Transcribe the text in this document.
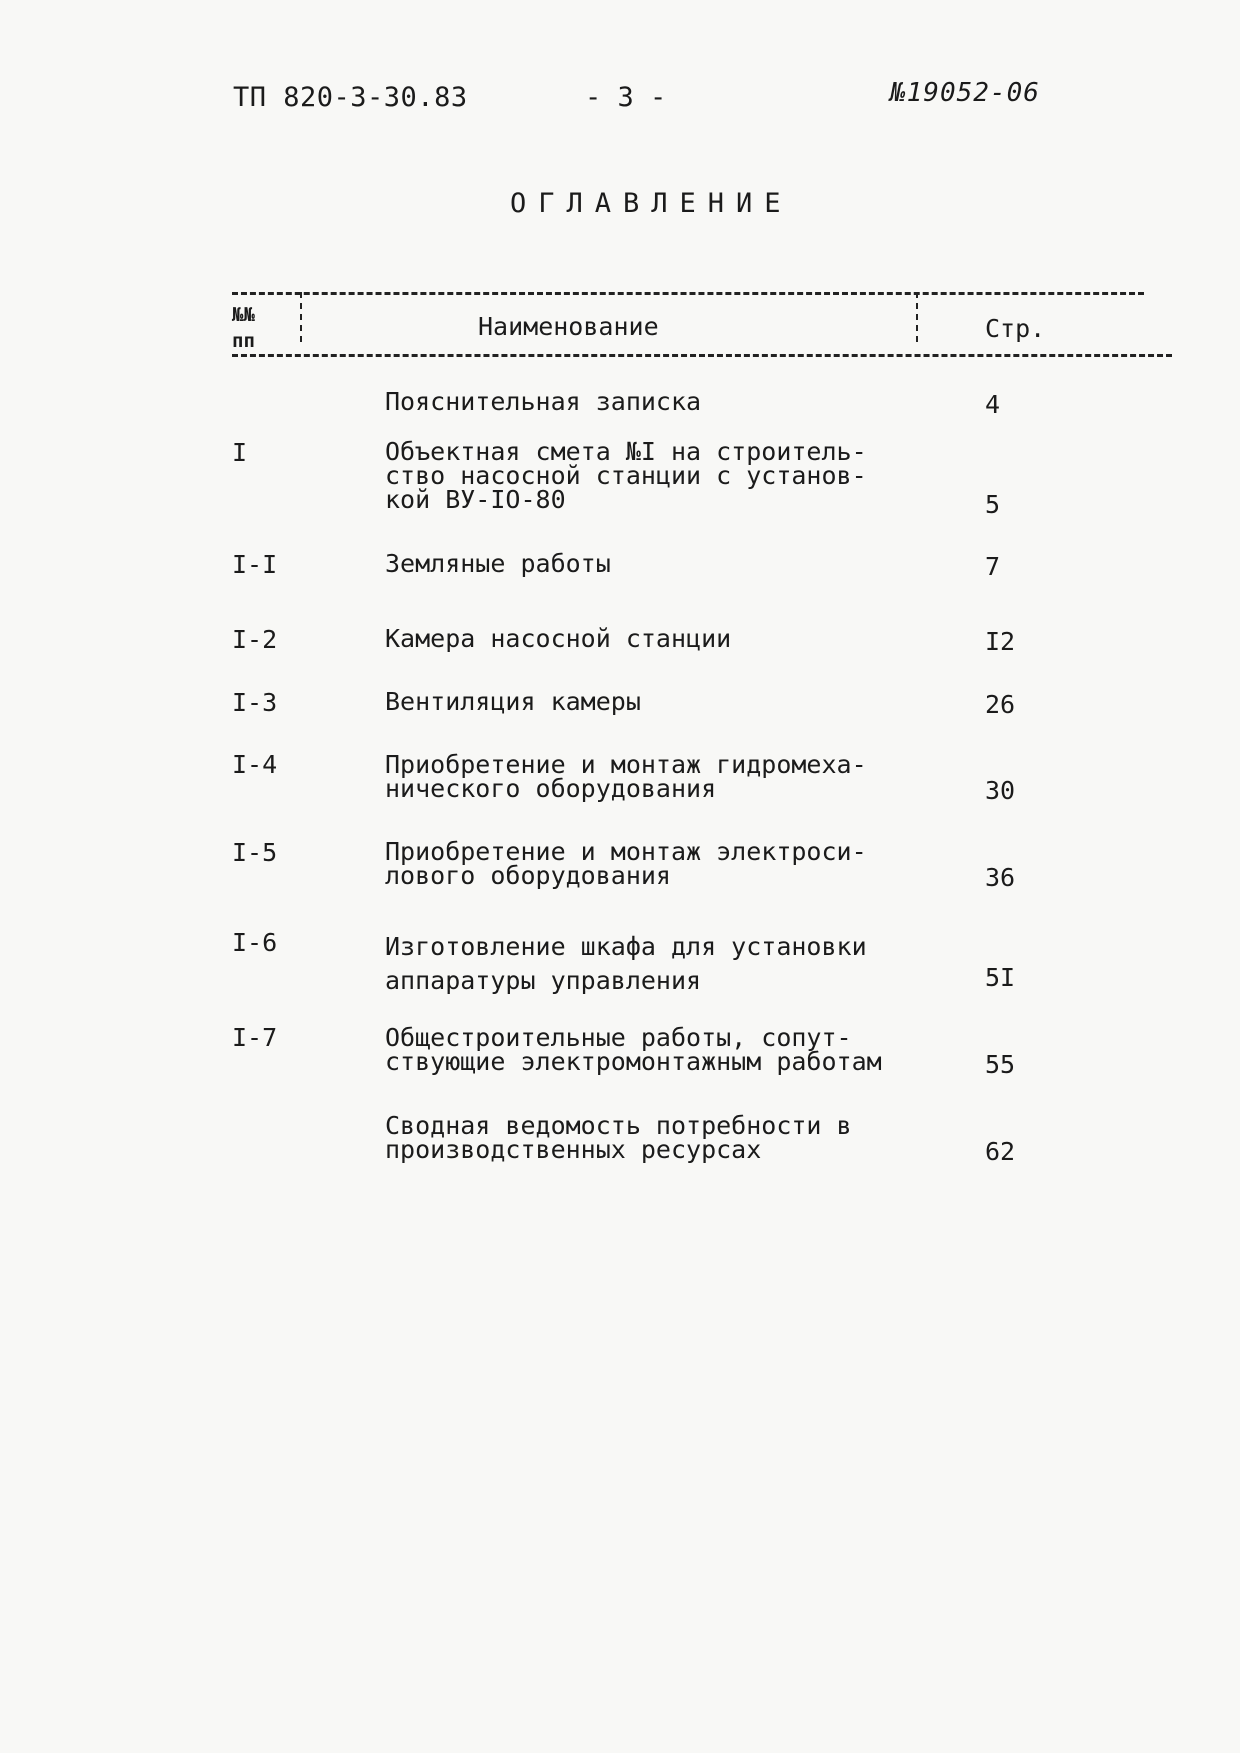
ТП 820-3-30.83	- 3 -	№19052-06
ОГЛАВЛЕНИЕ
№№
пп	Наименование	Стр.
Пояснительная записка	4
I	Объектная смета №I на строитель-
ство насосной станции с установ-
кой ВУ-IO-80	5
I-I	Земляные работы	7
I-2	Камера насосной станции	I2
I-3	Вентиляция камеры	26
I-4	Приобретение и монтаж гидромеха-
нического оборудования	30
I-5	Приобретение и монтаж электроси-
лового оборудования	36
I-6	Изготовление шкафа для установки
аппаратуры управления	5I
I-7	Общестроительные работы, сопут-
ствующие электромонтажным работам	55
Сводная ведомость потребности в
производственных ресурсах	62
